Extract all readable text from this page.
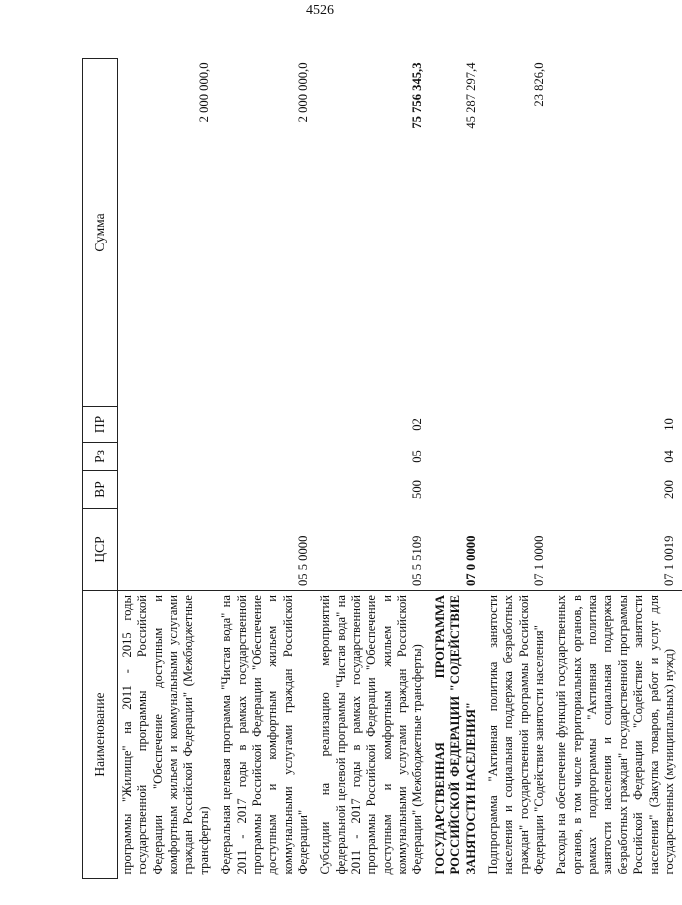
4526
Наименование	ЦСР	ВР	Рз	ПР	Сумма
программы "Жилище" на 2011 - 2015 годы государственной программы Российской Федерации "Обеспечение доступным и комфортным жильем и коммунальными услугами граждан Российской Федерации" (Межбюджетные трансферты)					2 000 000,0
Федеральная целевая программа "Чистая вода" на 2011 - 2017 годы в рамках государственной программы Российской Федерации "Обеспечение доступным и комфортным жильем и коммунальными услугами граждан Российской Федерации"	05 5 0000				2 000 000,0
Субсидии на реализацию мероприятий федеральной целевой программы "Чистая вода" на 2011 - 2017 годы в рамках государственной программы Российской Федерации "Обеспечение доступным и комфортным жильем и коммунальными услугами граждан Российской Федерации" (Межбюджетные трансферты)	05 5 5109	500	05	02	75 756 345,3
ГОСУДАРСТВЕННАЯ ПРОГРАММА РОССИЙСКОЙ ФЕДЕРАЦИИ "СОДЕЙСТВИЕ ЗАНЯТОСТИ НАСЕЛЕНИЯ"	07 0 0000				45 287 297,4
Подпрограмма "Активная политика занятости населения и социальная поддержка безработных граждан" государственной программы Российской Федерации "Содействие занятости населения"	07 1 0000				23 826,0
Расходы на обеспечение функций государственных органов, в том числе территориальных органов, в рамках подпрограммы "Активная политика занятости населения и социальная поддержка безработных граждан" государственной программы Российской Федерации "Содействие занятости населения" (Закупка товаров, работ и услуг для государственных (муниципальных) нужд)	07 1 0019	200	04	10	
